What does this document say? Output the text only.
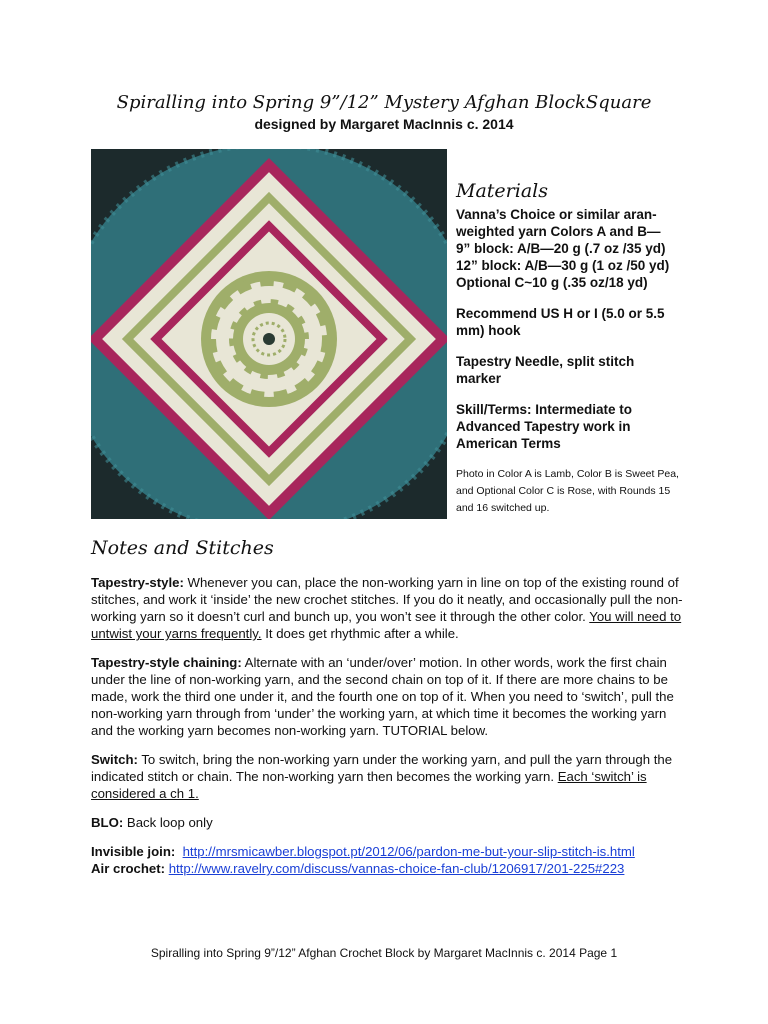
Spiralling into Spring 9”/12” Mystery Afghan BlockSquare
designed by Margaret MacInnis c. 2014
Materials

Vanna’s Choice or similar aran-

weighted yarn Colors A and B—

9” block: A/B—20 g (.7 oz /35 yd)

12” block: A/B—30 g (1 oz /50 yd)

Optional C~10 g (.35 oz/18 yd)

Recommend US H or I (5.0 or 5.5

mm) hook

Tapestry Needle, split stitch

marker

Skill/Terms: Intermediate to

Advanced Tapestry work in

American Terms

Photo in Color A is Lamb, Color B is Sweet Pea,
and Optional Color C is Rose, with Rounds 15
and 16 switched up.
Notes and Stitches

Tapestry-style: Whenever you can, place the non-working yarn in line on top of the existing round of stitches, and work it ‘inside’ the new crochet stitches. If you do it neatly, and occasionally pull the non-working yarn so it doesn’t curl and bunch up, you won’t see it through the other color. You will need to untwist your yarns frequently. It does get rhythmic after a while.

Tapestry-style chaining: Alternate with an ‘under/over’ motion. In other words, work the first chain under the line of non-working yarn, and the second chain on top of it. If there are more chains to be made, work the third one under it, and the fourth one on top of it. When you need to ‘switch’, pull the non-working yarn through from ‘under’ the working yarn, at which time it becomes the working yarn and the working yarn becomes non-working yarn. TUTORIAL below.

Switch: To switch, bring the non-working yarn under the working yarn, and pull the yarn through the indicated stitch or chain. The non-working yarn then becomes the working yarn. Each ‘switch’ is considered a ch 1.

BLO: Back loop only

Invisible join: http://mrsmicawber.blogspot.pt/2012/06/pardon-me-but-your-slip-stitch-is.html
Air crochet: http://www.ravelry.com/discuss/vannas-choice-fan-club/1206917/201-225#223

Spiralling into Spring 9”/12” Afghan Crochet Block by Margaret MacInnis c. 2014 Page 1
